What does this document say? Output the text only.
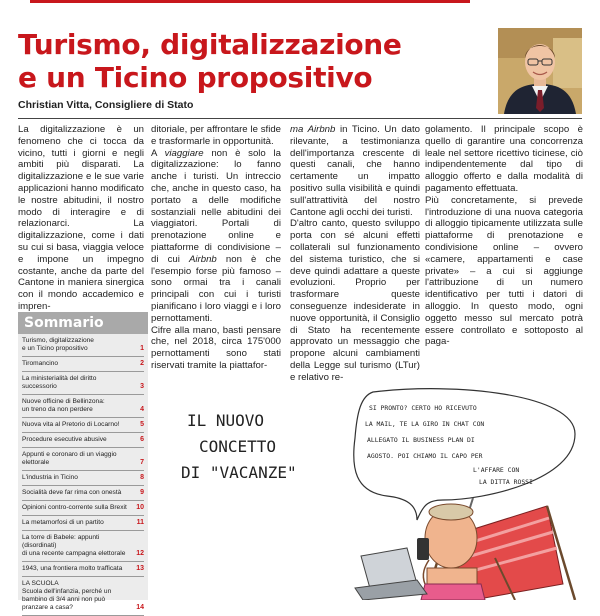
Turismo, digitalizzazione
e un Ticino propositivo
Christian Vitta, Consigliere di Stato

La digitalizzazione è un fenomeno che ci tocca da vicino, tutti i giorni e negli ambiti più disparati. La digitalizzazione e le sue varie applicazioni hanno modificato le nostre abitudini, il nostro modo di interagire e di relazionarci. La digitalizzazione, come i dati su cui si basa, viaggia veloce e impone un impegno costante, anche da parte del Cantone in maniera sinergica con il mondo accademico e impren-

ditoriale, per affrontare le sfide e trasformarle in opportunità.

A viaggiare non è solo la digitalizzazione: lo fanno anche i turisti. Un intreccio che, anche in questo caso, ha portato a delle modifiche sostanziali nelle abitudini dei viaggiatori. Portali di prenotazione online e piattaforme di condivisione – di cui Airbnb non è che l'esempio forse più famoso – sono ormai tra i canali principali con cui i turisti pianificano i loro viaggi e i loro pernottamenti.

Cifre alla mano, basti pensare che, nel 2018, circa 175'000 pernottamenti sono stati riservati tramite la piattafor-

ma Airbnb in Ticino. Un dato rilevante, a testimonianza dell'importanza crescente di questi canali, che hanno certamente un impatto positivo sulla visibilità e quindi sull'attrattività del nostro Cantone agli occhi dei turisti.

D'altro canto, questo sviluppo porta con sé alcuni effetti collaterali sul funzionamento del sistema turistico, che si deve quindi adattare a queste evoluzioni. Proprio per trasformare queste conseguenze indesiderate in nuove opportunità, il Consiglio di Stato ha recentemente approvato un messaggio che propone alcuni cambiamenti della Legge sul turismo (LTur) e relativo re-

golamento. Il principale scopo è quello di garantire una concorrenza leale nel settore ricettivo ticinese, ciò indipendentemente dal tipo di alloggio offerto e dalla modalità di pagamento effettuata.

Più concretamente, si prevede l'introduzione di una nuova categoria di alloggio tipicamente utilizzata sulle piattaforme di prenotazione e condivisione online – ovvero «camere, appartamenti e case private» – a cui si aggiunge l'attribuzione di un numero identificativo per tutti i datori di alloggio. In questo modo, ogni oggetto messo sul mercato potrà essere controllato e sottoposto al paga-

Sommario
Turismo, digitalizzazione
e un Ticino propositivo	1
Tiromancino	2
La ministerialità del diritto successorio	3
Nuove officine di Bellinzona:
un treno da non perdere	4
Nuova vita al Pretorio di Locarno!	5
Procedure esecutive abusive	6
Appunti e coronaro di un viaggio elettorale	7
L'industria in Ticino	8
Socialità deve far rima con onestà	9
Opinioni contro-corrente sulla Brexit 10
La metamorfosi di un partito	11
La torre di Babele: appunti (disordinati)
di una recente campagna elettorale	12
1943, una frontiera molto trafficata 13
LA SCUOLA
Scuola dell'infanzia, perché un bambino di 3/4 anni non può pranzare a casa?	14
IL NUOVO
CONCETTO
DI "VACANZE"
SI PRONTO? CERTO HO RICEVUTO
LA MAIL, TE LA GIRO IN CHAT CON
ALLEGATO IL BUSINESS PLAN DI
AGOSTO. POI CHIAMO IL CAPO PER
L'AFFARE CON
LA DITTA ROSSI
